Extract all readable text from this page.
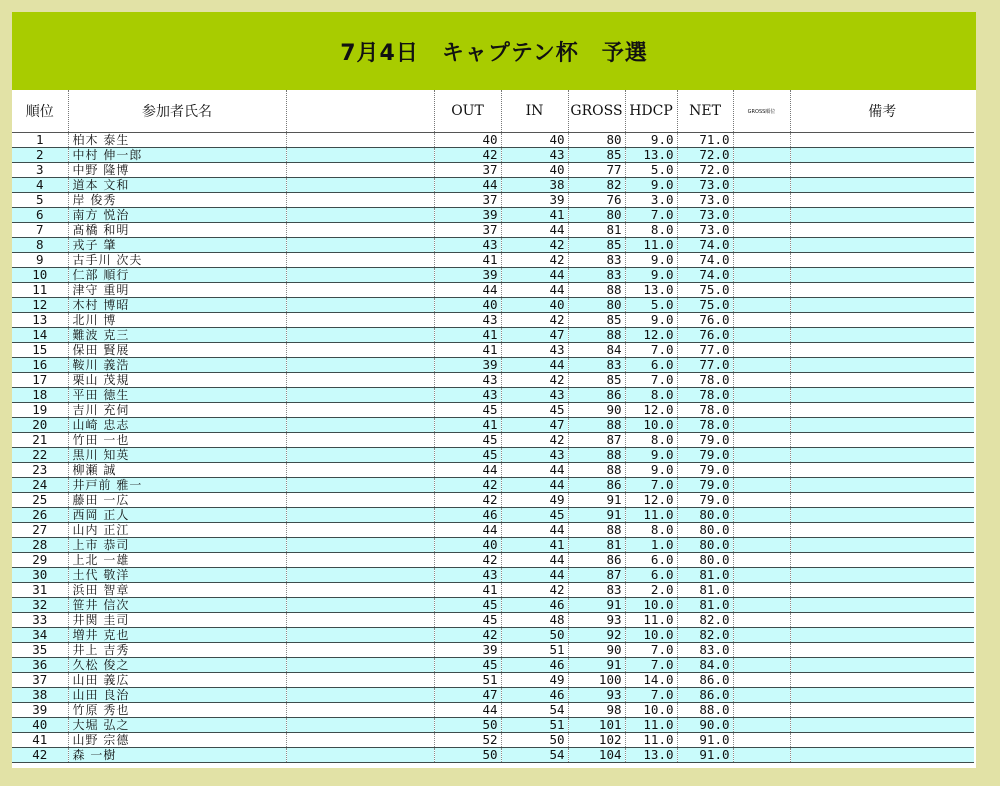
7月4日　キャプテン杯　予選
順位	参加者氏名		OUT	IN	GROSS	HDCP	NET	GROSS順位	備考
1	柏木 泰生		40	40	80	9.0	71.0		
2	中村 伸一郎		42	43	85	13.0	72.0		
3	中野 隆博		37	40	77	5.0	72.0		
4	道本 文和		44	38	82	9.0	73.0		
5	岸 俊秀		37	39	76	3.0	73.0		
6	南方 悦治		39	41	80	7.0	73.0		
7	髙橋 和明		37	44	81	8.0	73.0		
8	戎子 肇		43	42	85	11.0	74.0		
9	古手川 次夫		41	42	83	9.0	74.0		
10	仁部 順行		39	44	83	9.0	74.0		
11	津守 重明		44	44	88	13.0	75.0		
12	木村 博昭		40	40	80	5.0	75.0		
13	北川 博		43	42	85	9.0	76.0		
14	難波 克三		41	47	88	12.0	76.0		
15	保田 賢展		41	43	84	7.0	77.0		
16	鞍川 義浩		39	44	83	6.0	77.0		
17	栗山 茂規		43	42	85	7.0	78.0		
18	平田 徳生		43	43	86	8.0	78.0		
19	吉川 充伺		45	45	90	12.0	78.0		
20	山崎 忠志		41	47	88	10.0	78.0		
21	竹田 一也		45	42	87	8.0	79.0		
22	黒川 知英		45	43	88	9.0	79.0		
23	柳瀬 誠		44	44	88	9.0	79.0		
24	井戸前 雅一		42	44	86	7.0	79.0		
25	藤田 一広		42	49	91	12.0	79.0		
26	西岡 正人		46	45	91	11.0	80.0		
27	山内 正江		44	44	88	8.0	80.0		
28	上市 恭司		40	41	81	1.0	80.0		
29	上北 一雄		42	44	86	6.0	80.0		
30	土代 敬洋		43	44	87	6.0	81.0		
31	浜田 智章		41	42	83	2.0	81.0		
32	笹井 信次		45	46	91	10.0	81.0		
33	井関 圭司		45	48	93	11.0	82.0		
34	増井 克也		42	50	92	10.0	82.0		
35	井上 吉秀		39	51	90	7.0	83.0		
36	久松 俊之		45	46	91	7.0	84.0		
37	山田 義広		51	49	100	14.0	86.0		
38	山田 良治		47	46	93	7.0	86.0		
39	竹原 秀也		44	54	98	10.0	88.0		
40	大堀 弘之		50	51	101	11.0	90.0		
41	山野 宗德		52	50	102	11.0	91.0		
42	森 一樹		50	54	104	13.0	91.0		
